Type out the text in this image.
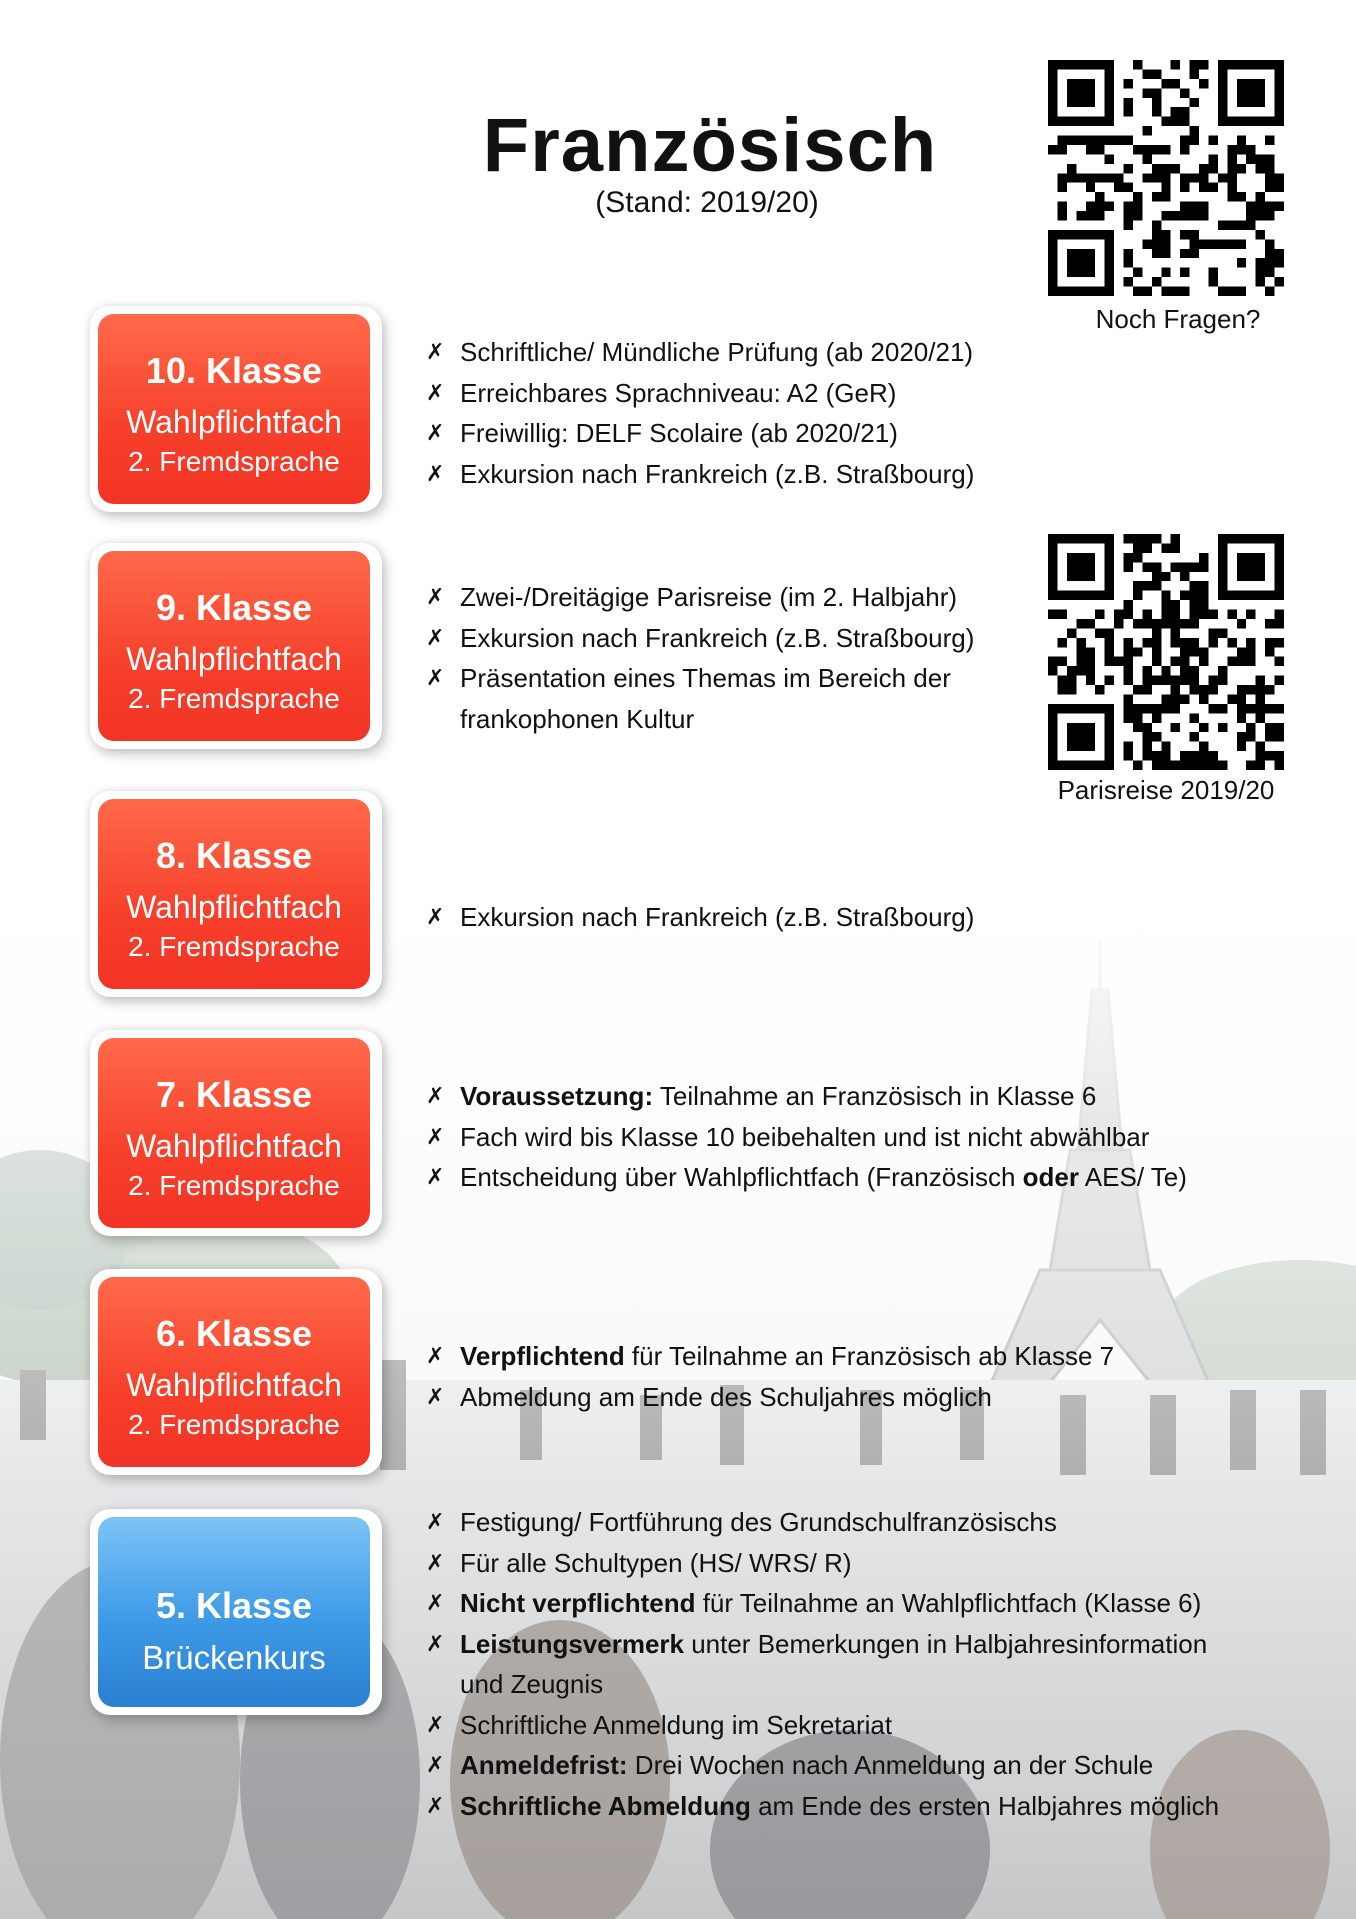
Französisch
(Stand: 2019/20)
Noch Fragen?
Parisreise 2019/20
10. Klasse
Wahlpflichtfach
2. Fremdsprache
✗ Schriftliche/ Mündliche Prüfung (ab 2020/21)
✗ Erreichbares Sprachniveau: A2 (GeR)
✗ Freiwillig: DELF Scolaire (ab 2020/21)
✗ Exkursion nach Frankreich (z.B. Straßbourg)
9. Klasse
Wahlpflichtfach
2. Fremdsprache
✗ Zwei-/Dreitägige Parisreise (im 2. Halbjahr)
✗ Exkursion nach Frankreich (z.B. Straßbourg)
✗ Präsentation eines Themas im Bereich der
frankophonen Kultur
8. Klasse
Wahlpflichtfach
2. Fremdsprache
✗ Exkursion nach Frankreich (z.B. Straßbourg)
7. Klasse
Wahlpflichtfach
2. Fremdsprache
✗ Voraussetzung: Teilnahme an Französisch in Klasse 6
✗ Fach wird bis Klasse 10 beibehalten und ist nicht abwählbar
✗ Entscheidung über Wahlpflichtfach (Französisch oder AES/ Te)
6. Klasse
Wahlpflichtfach
2. Fremdsprache
✗ Verpflichtend für Teilnahme an Französisch ab Klasse 7
✗ Abmeldung am Ende des Schuljahres möglich
5. Klasse
Brückenkurs
✗ Festigung/ Fortführung des Grundschulfranzösischs
✗ Für alle Schultypen (HS/ WRS/ R)
✗ Nicht verpflichtend für Teilnahme an Wahlpflichtfach (Klasse 6)
✗ Leistungsvermerk unter Bemerkungen in Halbjahresinformation
und Zeugnis
✗ Schriftliche Anmeldung im Sekretariat
✗ Anmeldefrist: Drei Wochen nach Anmeldung an der Schule
✗ Schriftliche Abmeldung am Ende des ersten Halbjahres möglich
